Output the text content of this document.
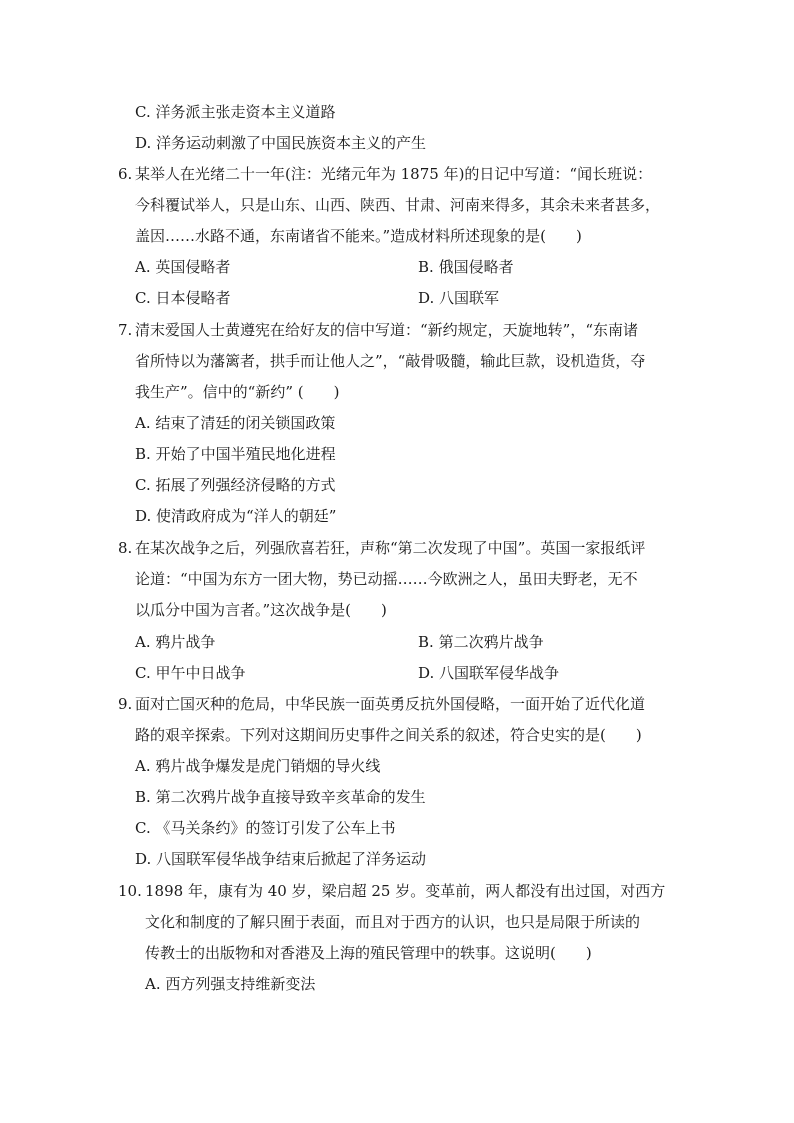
C. 洋务派主张走资本主义道路
D. 洋务运动刺激了中国民族资本主义的产生
6. 某举人在光绪二十一年(注：光绪元年为 1875 年)的日记中写道：“闻长班说：
今科覆试举人，只是山东、山西、陕西、甘肃、河南来得多，其余未来者甚多，
盖因……水路不通，东南诸省不能来。”造成材料所述现象的是(　　)
A. 英国侵略者	B. 俄国侵略者
C. 日本侵略者	D. 八国联军
7. 清末爱国人士黄遵宪在给好友的信中写道：“新约规定，天旋地转”，“东南诸
省所恃以为藩篱者，拱手而让他人之”，“敲骨吸髓，输此巨款，设机造货，夺
我生产”。信中的“新约” (　　)
A. 结束了清廷的闭关锁国政策
B. 开始了中国半殖民地化进程
C. 拓展了列强经济侵略的方式
D. 使清政府成为“洋人的朝廷”
8. 在某次战争之后，列强欣喜若狂，声称“第二次发现了中国”。英国一家报纸评
论道：“中国为东方一团大物，势已动摇……今欧洲之人，虽田夫野老，无不
以瓜分中国为言者。”这次战争是(　　)
A. 鸦片战争	B. 第二次鸦片战争
C. 甲午中日战争	D. 八国联军侵华战争
9. 面对亡国灭种的危局，中华民族一面英勇反抗外国侵略，一面开始了近代化道
路的艰辛探索。下列对这期间历史事件之间关系的叙述，符合史实的是(　　)
A. 鸦片战争爆发是虎门销烟的导火线
B. 第二次鸦片战争直接导致辛亥革命的发生
C. 《马关条约》的签订引发了公车上书
D. 八国联军侵华战争结束后掀起了洋务运动
10. 1898 年，康有为 40 岁，梁启超 25 岁。变革前，两人都没有出过国，对西方
文化和制度的了解只囿于表面，而且对于西方的认识，也只是局限于所读的
传教士的出版物和对香港及上海的殖民管理中的轶事。这说明(　　)
A. 西方列强支持维新变法
